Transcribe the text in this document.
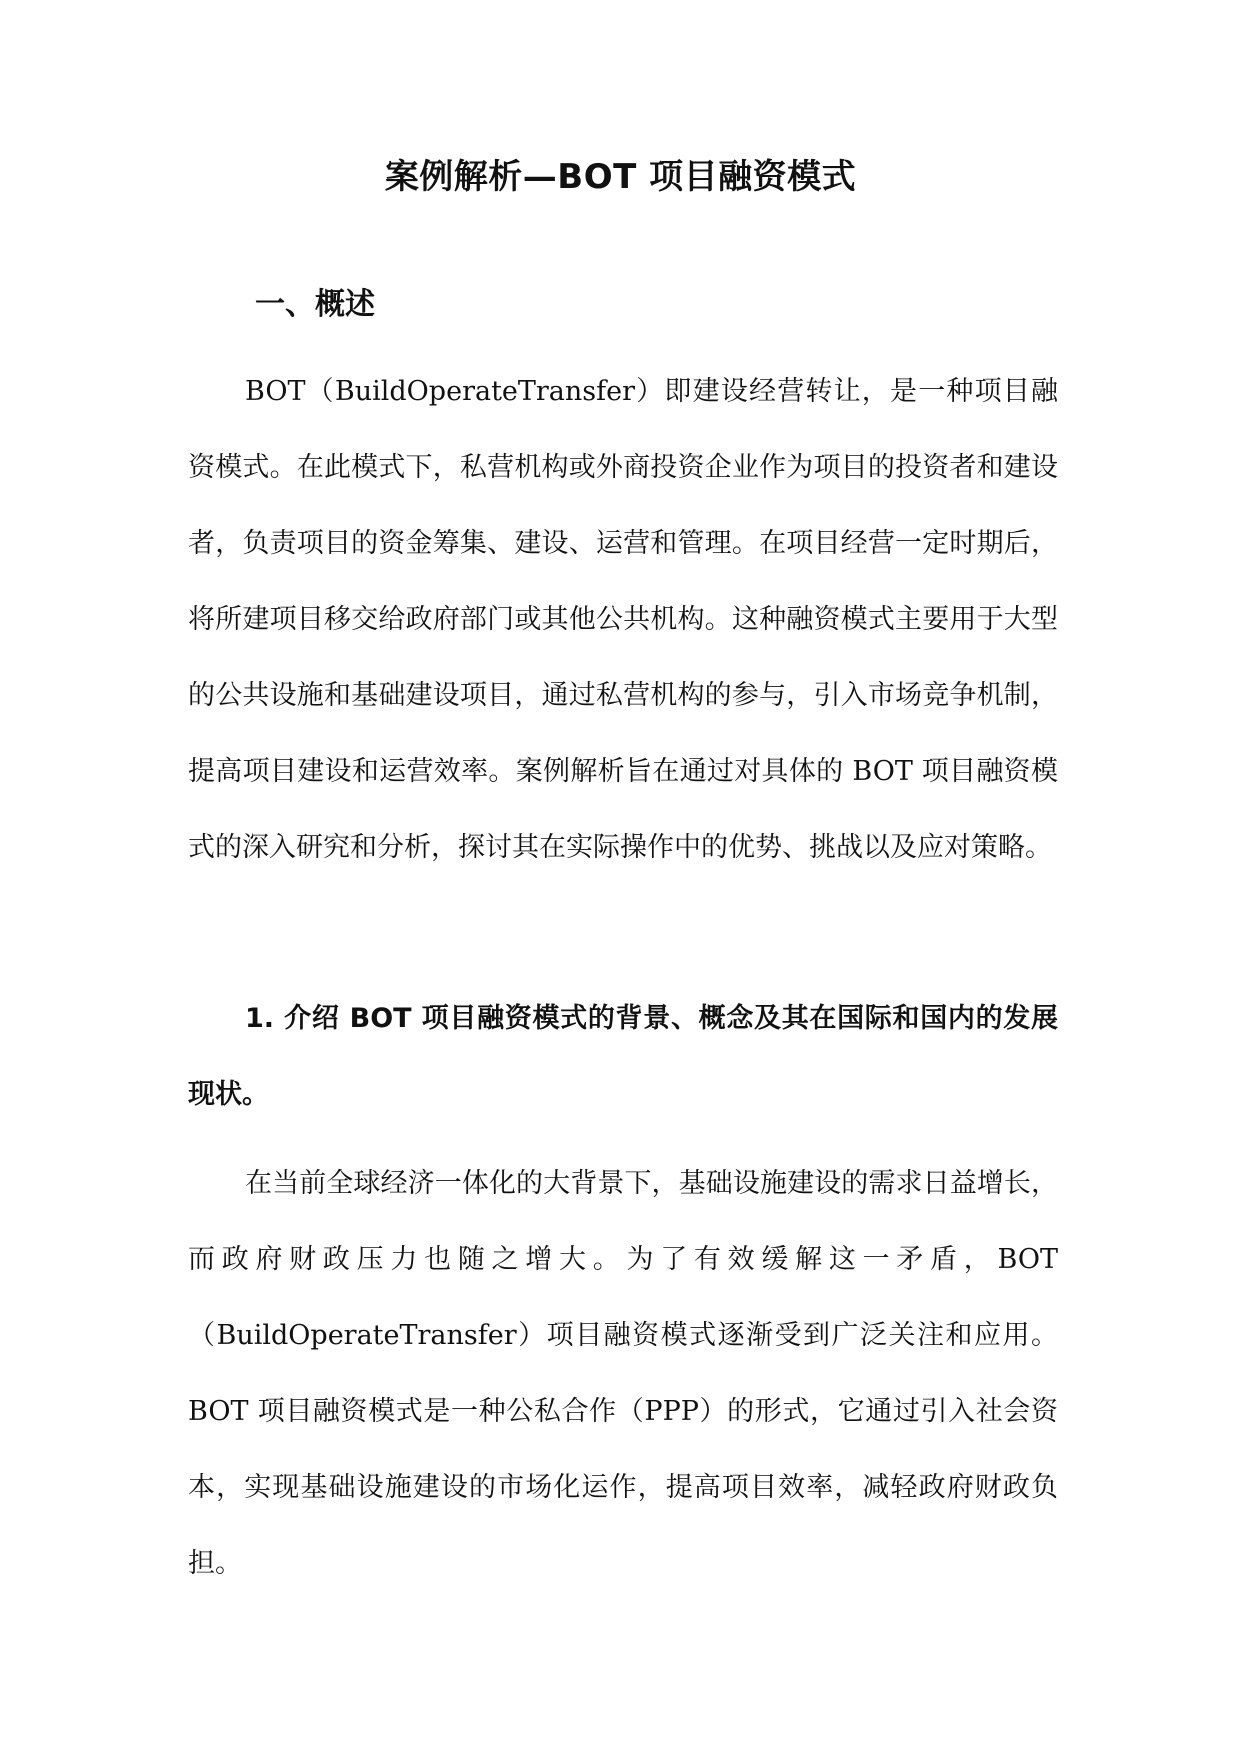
案例解析—BOT 项目融资模式
一、概述

BOT（BuildOperateTransfer）即建设经营转让，是一种项目融资模式。在此模式下，私营机构或外商投资企业作为项目的投资者和建设者，负责项目的资金筹集、建设、运营和管理。在项目经营一定时期后，将所建项目移交给政府部门或其他公共机构。这种融资模式主要用于大型的公共设施和基础建设项目，通过私营机构的参与，引入市场竞争机制，提高项目建设和运营效率。案例解析旨在通过对具体的 BOT 项目融资模式的深入研究和分析，探讨其在实际操作中的优势、挑战以及应对策略。

1. 介绍 BOT 项目融资模式的背景、概念及其在国际和国内的发展现状。

在当前全球经济一体化的大背景下，基础设施建设的需求日益增长，而政府财政压力也随之增大。为了有效缓解这一矛盾，BOT（BuildOperateTransfer）项目融资模式逐渐受到广泛关注和应用。BOT 项目融资模式是一种公私合作（PPP）的形式，它通过引入社会资本，实现基础设施建设的市场化运作，提高项目效率，减轻政府财政负担。
